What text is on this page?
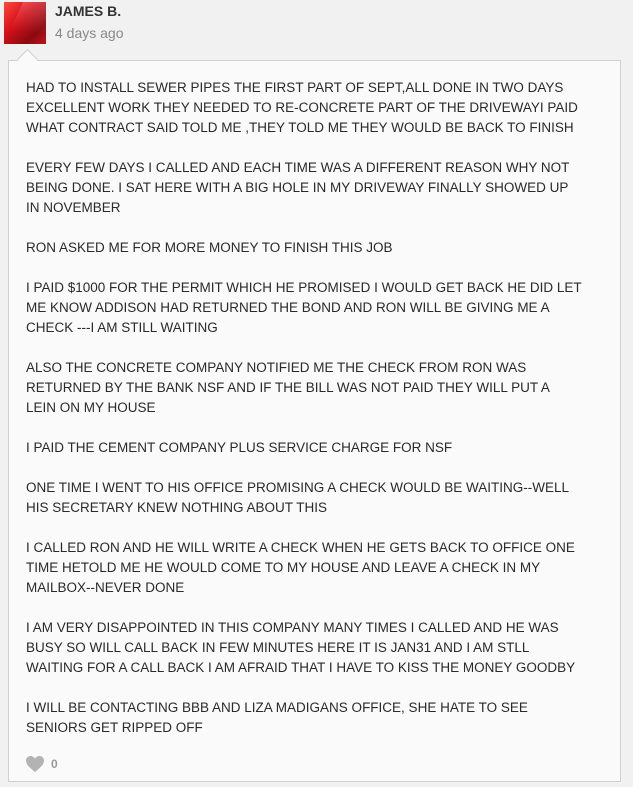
JAMES B.
4 days ago

HAD TO INSTALL SEWER PIPES THE FIRST PART OF SEPT,ALL DONE IN TWO DAYS
EXCELLENT WORK THEY NEEDED TO RE-CONCRETE PART OF THE DRIVEWAYI PAID
WHAT CONTRACT SAID TOLD ME ,THEY TOLD ME THEY WOULD BE BACK TO FINISH

EVERY FEW DAYS I CALLED AND EACH TIME WAS A DIFFERENT REASON WHY NOT
BEING DONE. I SAT HERE WITH A BIG HOLE IN MY DRIVEWAY FINALLY SHOWED UP
IN NOVEMBER

RON ASKED ME FOR MORE MONEY TO FINISH THIS JOB

I PAID $1000 FOR THE PERMIT WHICH HE PROMISED I WOULD GET BACK HE DID LET
ME KNOW ADDISON HAD RETURNED THE BOND AND RON WILL BE GIVING ME A
CHECK ---I AM STILL WAITING

ALSO THE CONCRETE COMPANY NOTIFIED ME THE CHECK FROM RON WAS
RETURNED BY THE BANK NSF AND IF THE BILL WAS NOT PAID THEY WILL PUT A
LEIN ON MY HOUSE

I PAID THE CEMENT COMPANY PLUS SERVICE CHARGE FOR NSF

ONE TIME I WENT TO HIS OFFICE PROMISING A CHECK WOULD BE WAITING--WELL
HIS SECRETARY KNEW NOTHING ABOUT THIS

I CALLED RON AND HE WILL WRITE A CHECK WHEN HE GETS BACK TO OFFICE ONE
TIME HETOLD ME HE WOULD COME TO MY HOUSE AND LEAVE A CHECK IN MY
MAILBOX--NEVER DONE

I AM VERY DISAPPOINTED IN THIS COMPANY MANY TIMES I CALLED AND HE WAS
BUSY SO WILL CALL BACK IN FEW MINUTES HERE IT IS JAN31 AND I AM STLL
WAITING FOR A CALL BACK I AM AFRAID THAT I HAVE TO KISS THE MONEY GOODBY

I WILL BE CONTACTING BBB AND LIZA MADIGANS OFFICE, SHE HATE TO SEE
SENIORS GET RIPPED OFF

0
